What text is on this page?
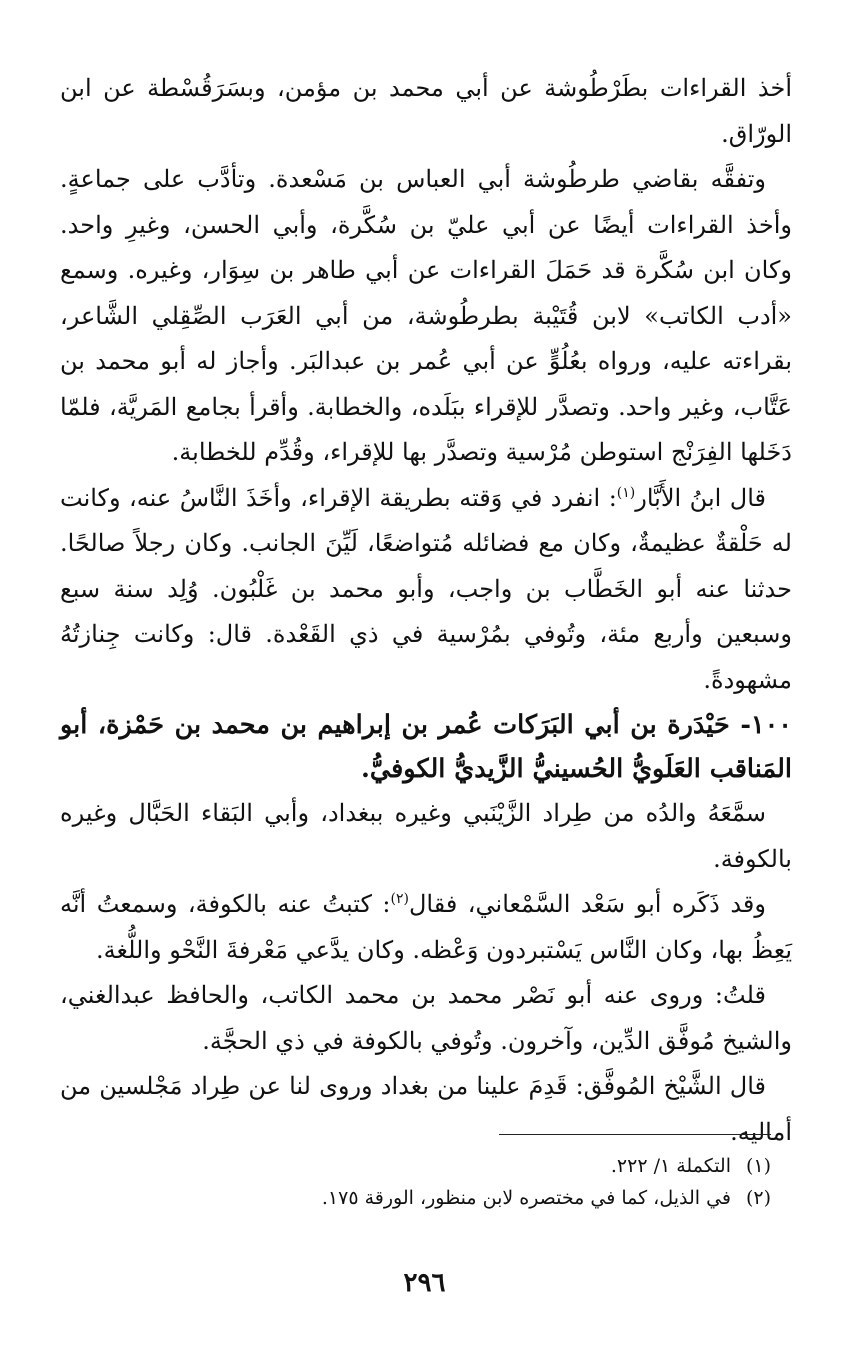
أخذ القراءات بطَرْطُوشة عن أبي محمد بن مؤمن، وبسَرَقُسْطة عن ابن الورّاق.

وتفقَّه بقاضي طرطُوشة أبي العباس بن مَسْعدة. وتأدَّب على جماعةٍ. وأخذ القراءات أيضًا عن أبي عليّ بن سُكَّرة، وأبي الحسن، وغيرِ واحد. وكان ابن سُكَّرة قد حَمَلَ القراءات عن أبي طاهر بن سِوَار، وغيره. وسمع «أدب الكاتب» لابن قُتَيْبة بطرطُوشة، من أبي العَرَب الصِّقِلي الشَّاعر، بقراءته عليه، ورواه بعُلُوٍّ عن أبي عُمر بن عبدالبَر. وأجاز له أبو محمد بن عَتَّاب، وغير واحد. وتصدَّر للإقراء ببَلَده، والخطابة. وأقرأ بجامع المَريَّة، فلمّا دَخَلها الفِرَنْج استوطن مُرْسية وتصدَّر بها للإقراء، وقُدِّم للخطابة.

قال ابنُ الأَبَّار$^{(١)}$: انفرد في وَقته بطريقة الإقراء، وأخَذَ النَّاسُ عنه، وكانت له حَلْقةٌ عظيمةٌ، وكان مع فضائله مُتواضعًا، لَيِّنَ الجانب. وكان رجلاً صالحًا. حدثنا عنه أبو الخَطَّاب بن واجب، وأبو محمد بن غَلْبُون. وُلِد سنة سبع وسبعين وأربع مئة، وتُوفي بمُرْسية في ذي القَعْدة. قال: وكانت جِنازتُهُ مشهودةً.

١٠٠- حَيْدَرة بن أبي البَرَكات عُمر بن إبراهيم بن محمد بن حَمْزة، أبو المَناقب العَلَويُّ الحُسينيُّ الزَّيديُّ الكوفيُّ.

سمَّعَهُ والدُه من طِراد الزَّيْنَبي وغيره ببغداد، وأبي البَقاء الحَبَّال وغيره بالكوفة.

وقد ذَكَره أبو سَعْد السَّمْعاني، فقال$^{(٢)}$: كتبتُ عنه بالكوفة، وسمعتُ أنَّه يَعِظُ بها، وكان النَّاس يَسْتبردون وَعْظه. وكان يدَّعي مَعْرفةَ النَّحْو واللُّغة.

قلتُ: وروى عنه أبو نَصْر محمد بن محمد الكاتب، والحافظ عبدالغني، والشيخ مُوفَّق الدِّين، وآخرون. وتُوفي بالكوفة في ذي الحجَّة.

قال الشَّيْخ المُوفَّق: قَدِمَ علينا من بغداد وروى لنا عن طِراد مَجْلسين من أماليه.

(١)التكملة ١/ ٢٢٢.

(٢)في الذيل، كما في مختصره لابن منظور، الورقة ١٧٥.

٢٩٦
